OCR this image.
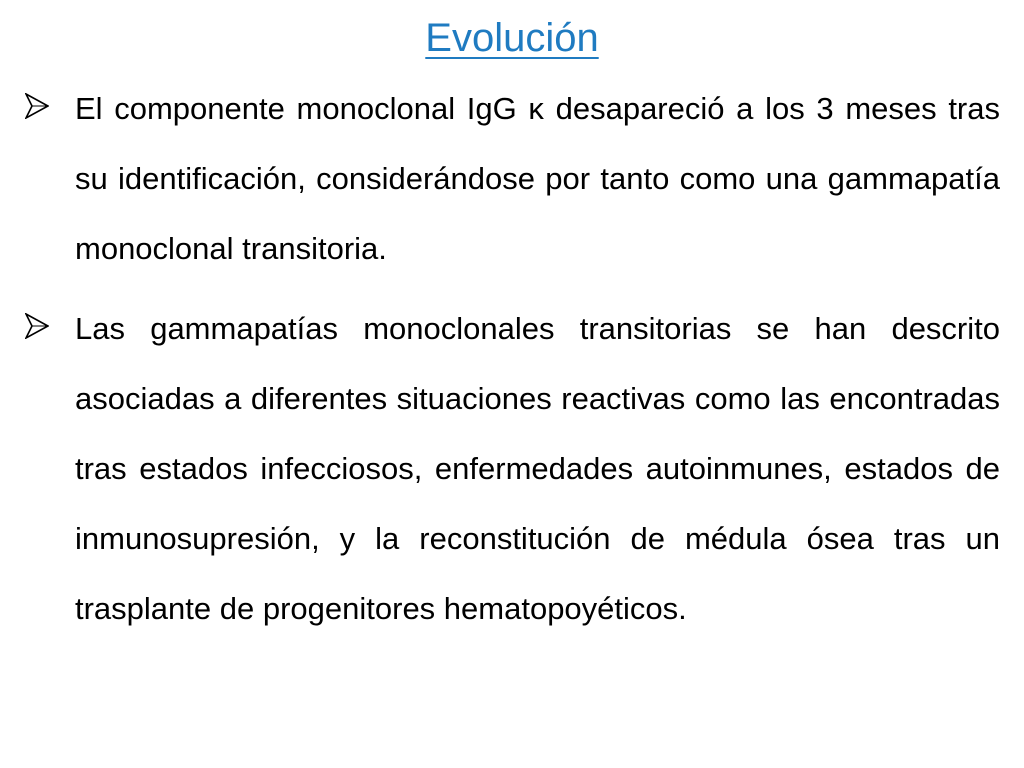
Evolución
El componente monoclonal IgG κ desapareció a los 3 meses tras su identificación, considerándose por tanto como una gammapatía monoclonal transitoria.
Las gammapatías monoclonales transitorias se han descrito asociadas a diferentes situaciones reactivas como las encontradas tras estados infecciosos, enfermedades autoinmunes, estados de inmunosupresión, y la reconstitución de médula ósea tras un trasplante de progenitores hematopoyéticos.
